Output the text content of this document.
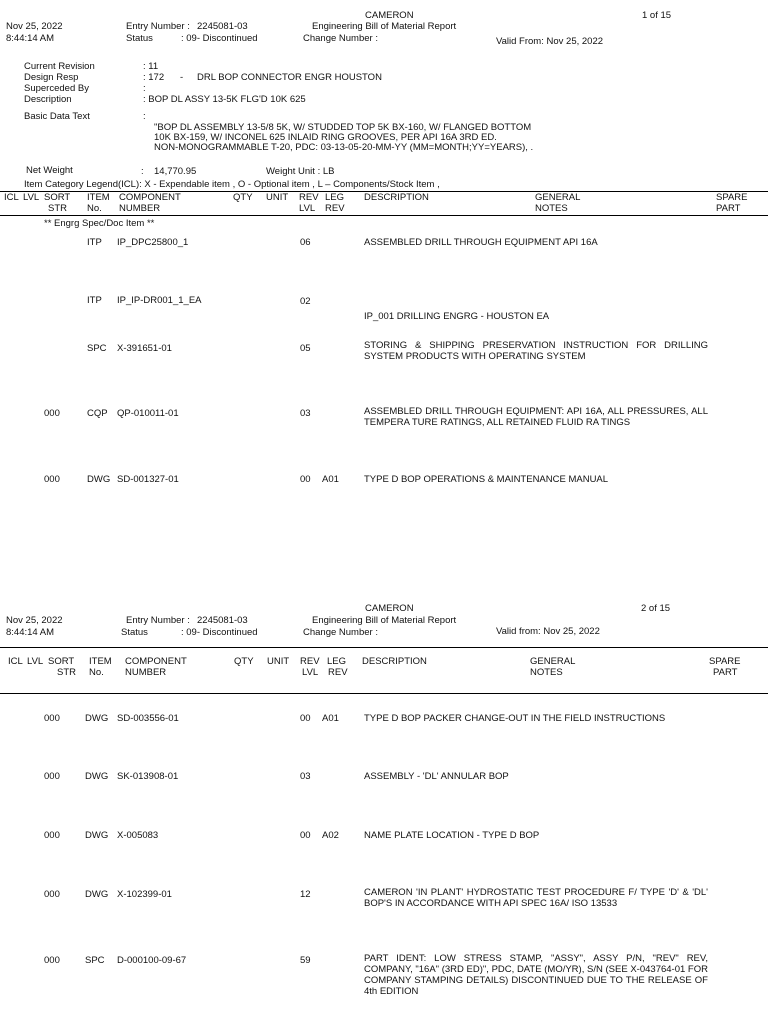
Nov 25, 2022
8:44:14 AM
Entry Number : 2245081-03
Status	: 09- Discontinued
CAMERON
Engineering Bill of Material Report
Change Number :
1 of 15
Valid From: Nov 25, 2022
Current Revision	: 11
Design Resp	: 172 - DRL BOP CONNECTOR ENGR HOUSTON
Superceded By	:
Description	: BOP DL ASSY 13-5K FLG'D 10K 625
Basic Data Text	:
"BOP DL ASSEMBLY 13-5/8 5K, W/ STUDDED TOP 5K BX-160, W/ FLANGED BOTTOM
10K BX-159, W/ INCONEL 625 INLAID RING GROOVES, PER API 16A 3RD ED.
NON-MONOGRAMMABLE T-20, PDC: 03-13-05-20-MM-YY (MM=MONTH;YY=YEARS), .
Net Weight	: 14,770.95	Weight Unit : LB
Item Category Legend(ICL): X - Expendable item , O - Optional item , L – Components/Stock Item ,
ICL LVL SORT
STR
ITEM
No.
COMPONENT
NUMBER
QTY UNIT REV
LVL
LEG
REV
DESCRIPTION	GENERAL
NOTES
SPARE
PART
** Engrg Spec/Doc Item **
ITP IP_DPC25800_1	06	ASSEMBLED DRILL THROUGH EQUIPMENT API 16A
ITP IP_IP-DR001_1_EA	02
IP_001 DRILLING ENGRG - HOUSTON EA
SPC X-391651-01	05	STORING & SHIPPING PRESERVATION INSTRUCTION FOR DRILLING SYSTEM PRODUCTS WITH OPERATING SYSTEM
000	CQP QP-010011-01	03	ASSEMBLED DRILL THROUGH EQUIPMENT: API 16A, ALL PRESSURES, ALL TEMPERA TURE RATINGS, ALL RETAINED FLUID RA TINGS
000	DWG SD-001327-01	00 A01	TYPE D BOP OPERATIONS & MAINTENANCE MANUAL
Nov 25, 2022
8:44:14 AM
Entry Number : 2245081-03
Status	: 09- Discontinued
CAMERON
Engineering Bill of Material Report
Change Number :
2 of 15
Valid from: Nov 25, 2022
ICL LVL SORT
STR
ITEM
No.
COMPONENT
NUMBER
QTY UNIT REV
LVL
LEG
REV
DESCRIPTION	GENERAL
NOTES
SPARE
PART
000	DWG SD-003556-01	00 A01	TYPE D BOP PACKER CHANGE-OUT IN THE FIELD INSTRUCTIONS
000	DWG SK-013908-01	03	ASSEMBLY - 'DL' ANNULAR BOP
000	DWG X-005083	00 A02	NAME PLATE LOCATION - TYPE D BOP
000	DWG X-102399-01	12	CAMERON 'IN PLANT' HYDROSTATIC TEST PROCEDURE F/ TYPE 'D' & 'DL' BOP'S IN ACCORDANCE WITH API SPEC 16A/ ISO 13533
000	SPC D-000100-09-67	59	PART IDENT: LOW STRESS STAMP, "ASSY", ASSY P/N, "REV" REV, COMPANY, "16A" (3RD ED)", PDC, DATE (MO/YR), S/N (SEE X-043764-01 FOR COMPANY STAMPING DETAILS) DISCONTINUED DUE TO THE RELEASE OF 4th EDITION
